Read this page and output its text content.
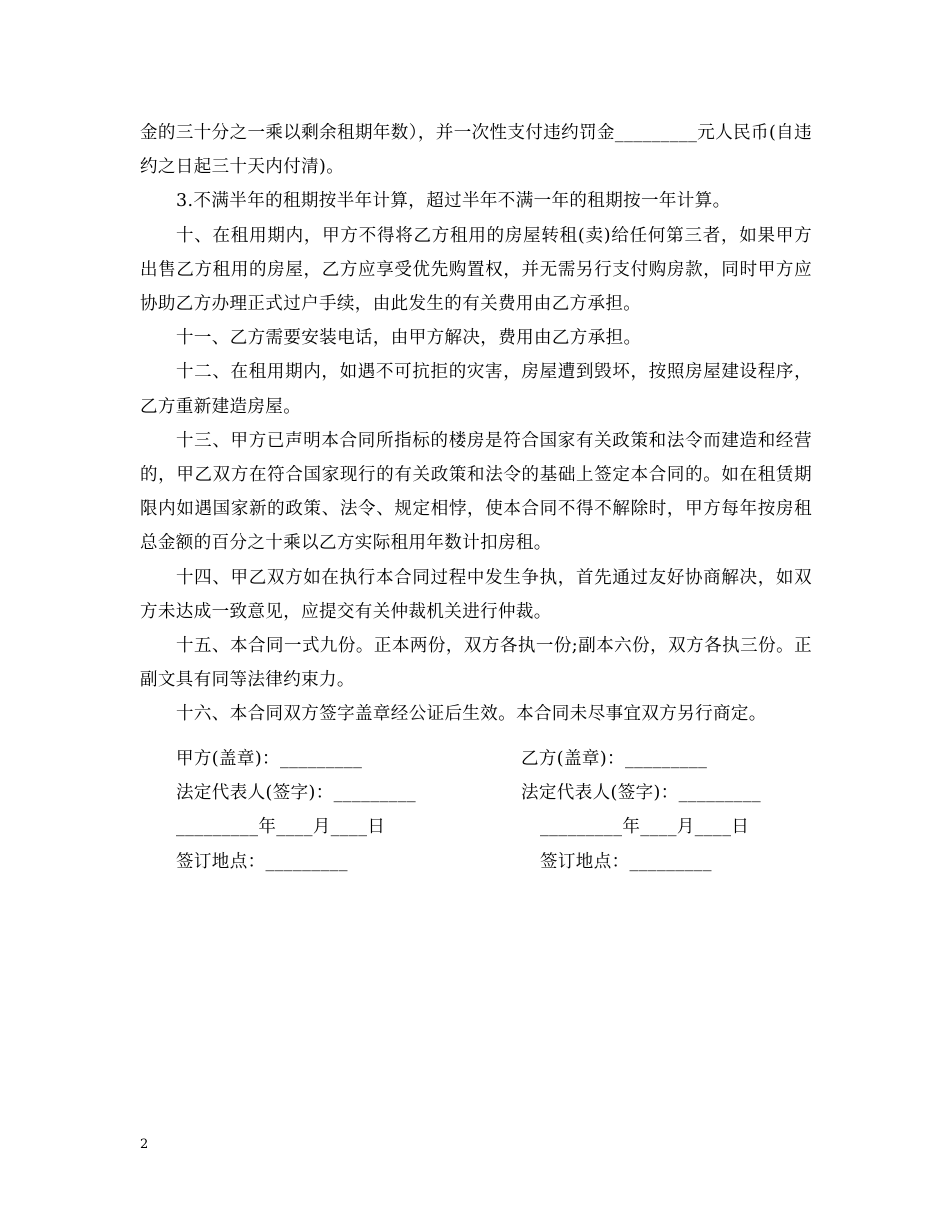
金的三十分之一乘以剩余租期年数），并一次性支付违约罚金_________元人民币(自违约之日起三十天内付清)。

3.不满半年的租期按半年计算，超过半年不满一年的租期按一年计算。

十、在租用期内，甲方不得将乙方租用的房屋转租(卖)给任何第三者，如果甲方出售乙方租用的房屋，乙方应享受优先购置权，并无需另行支付购房款，同时甲方应协助乙方办理正式过户手续，由此发生的有关费用由乙方承担。

十一、乙方需要安装电话，由甲方解决，费用由乙方承担。

十二、在租用期内，如遇不可抗拒的灾害，房屋遭到毁坏，按照房屋建设程序，乙方重新建造房屋。

十三、甲方已声明本合同所指标的楼房是符合国家有关政策和法令而建造和经营的，甲乙双方在符合国家现行的有关政策和法令的基础上签定本合同的。如在租赁期限内如遇国家新的政策、法令、规定相悖，使本合同不得不解除时，甲方每年按房租总金额的百分之十乘以乙方实际租用年数计扣房租。

十四、甲乙双方如在执行本合同过程中发生争执，首先通过友好协商解决，如双方未达成一致意见，应提交有关仲裁机关进行仲裁。

十五、本合同一式九份。正本两份，双方各执一份;副本六份，双方各执三份。正副文具有同等法律约束力。

十六、本合同双方签字盖章经公证后生效。本合同未尽事宜双方另行商定。

甲方(盖章)：_________	乙方(盖章)：_________
法定代表人(签字)：_________	法定代表人(签字)：_________
_________年____月____日	_________年____月____日
签订地点：_________	签订地点：_________
2
